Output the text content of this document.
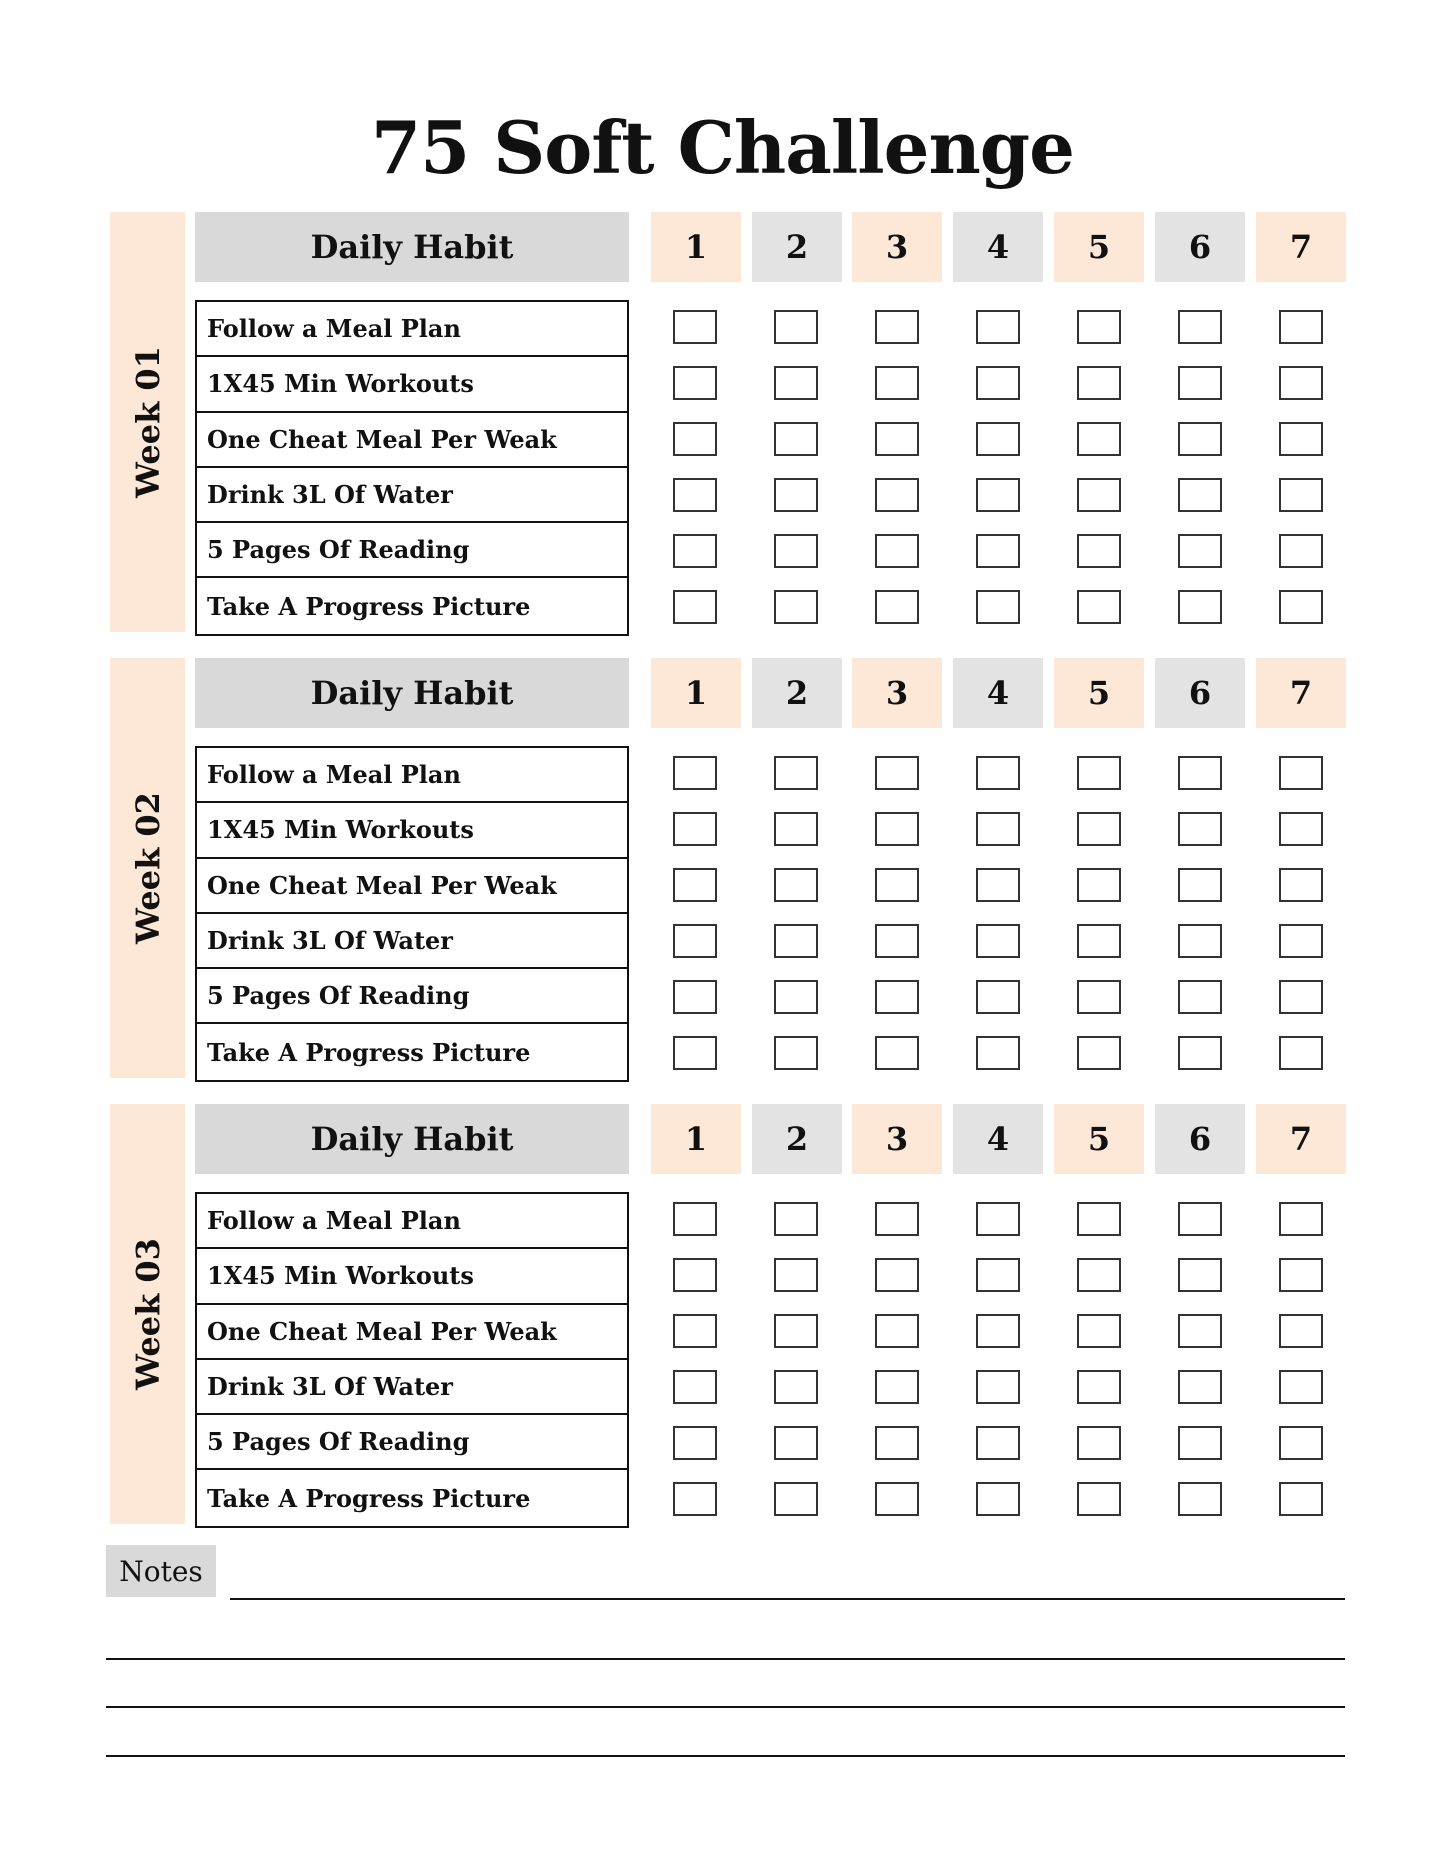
75 Soft Challenge
Week 01
Daily Habit	1	2	3	4	5	6	7
Follow a Meal Plan
1X45 Min Workouts
One Cheat Meal Per Weak
Drink 3L Of Water
5 Pages Of Reading
Take A Progress Picture
Week 02
Daily Habit	1	2	3	4	5	6	7
Follow a Meal Plan
1X45 Min Workouts
One Cheat Meal Per Weak
Drink 3L Of Water
5 Pages Of Reading
Take A Progress Picture
Week 03
Daily Habit	1	2	3	4	5	6	7
Follow a Meal Plan
1X45 Min Workouts
One Cheat Meal Per Weak
Drink 3L Of Water
5 Pages Of Reading
Take A Progress Picture
Notes
